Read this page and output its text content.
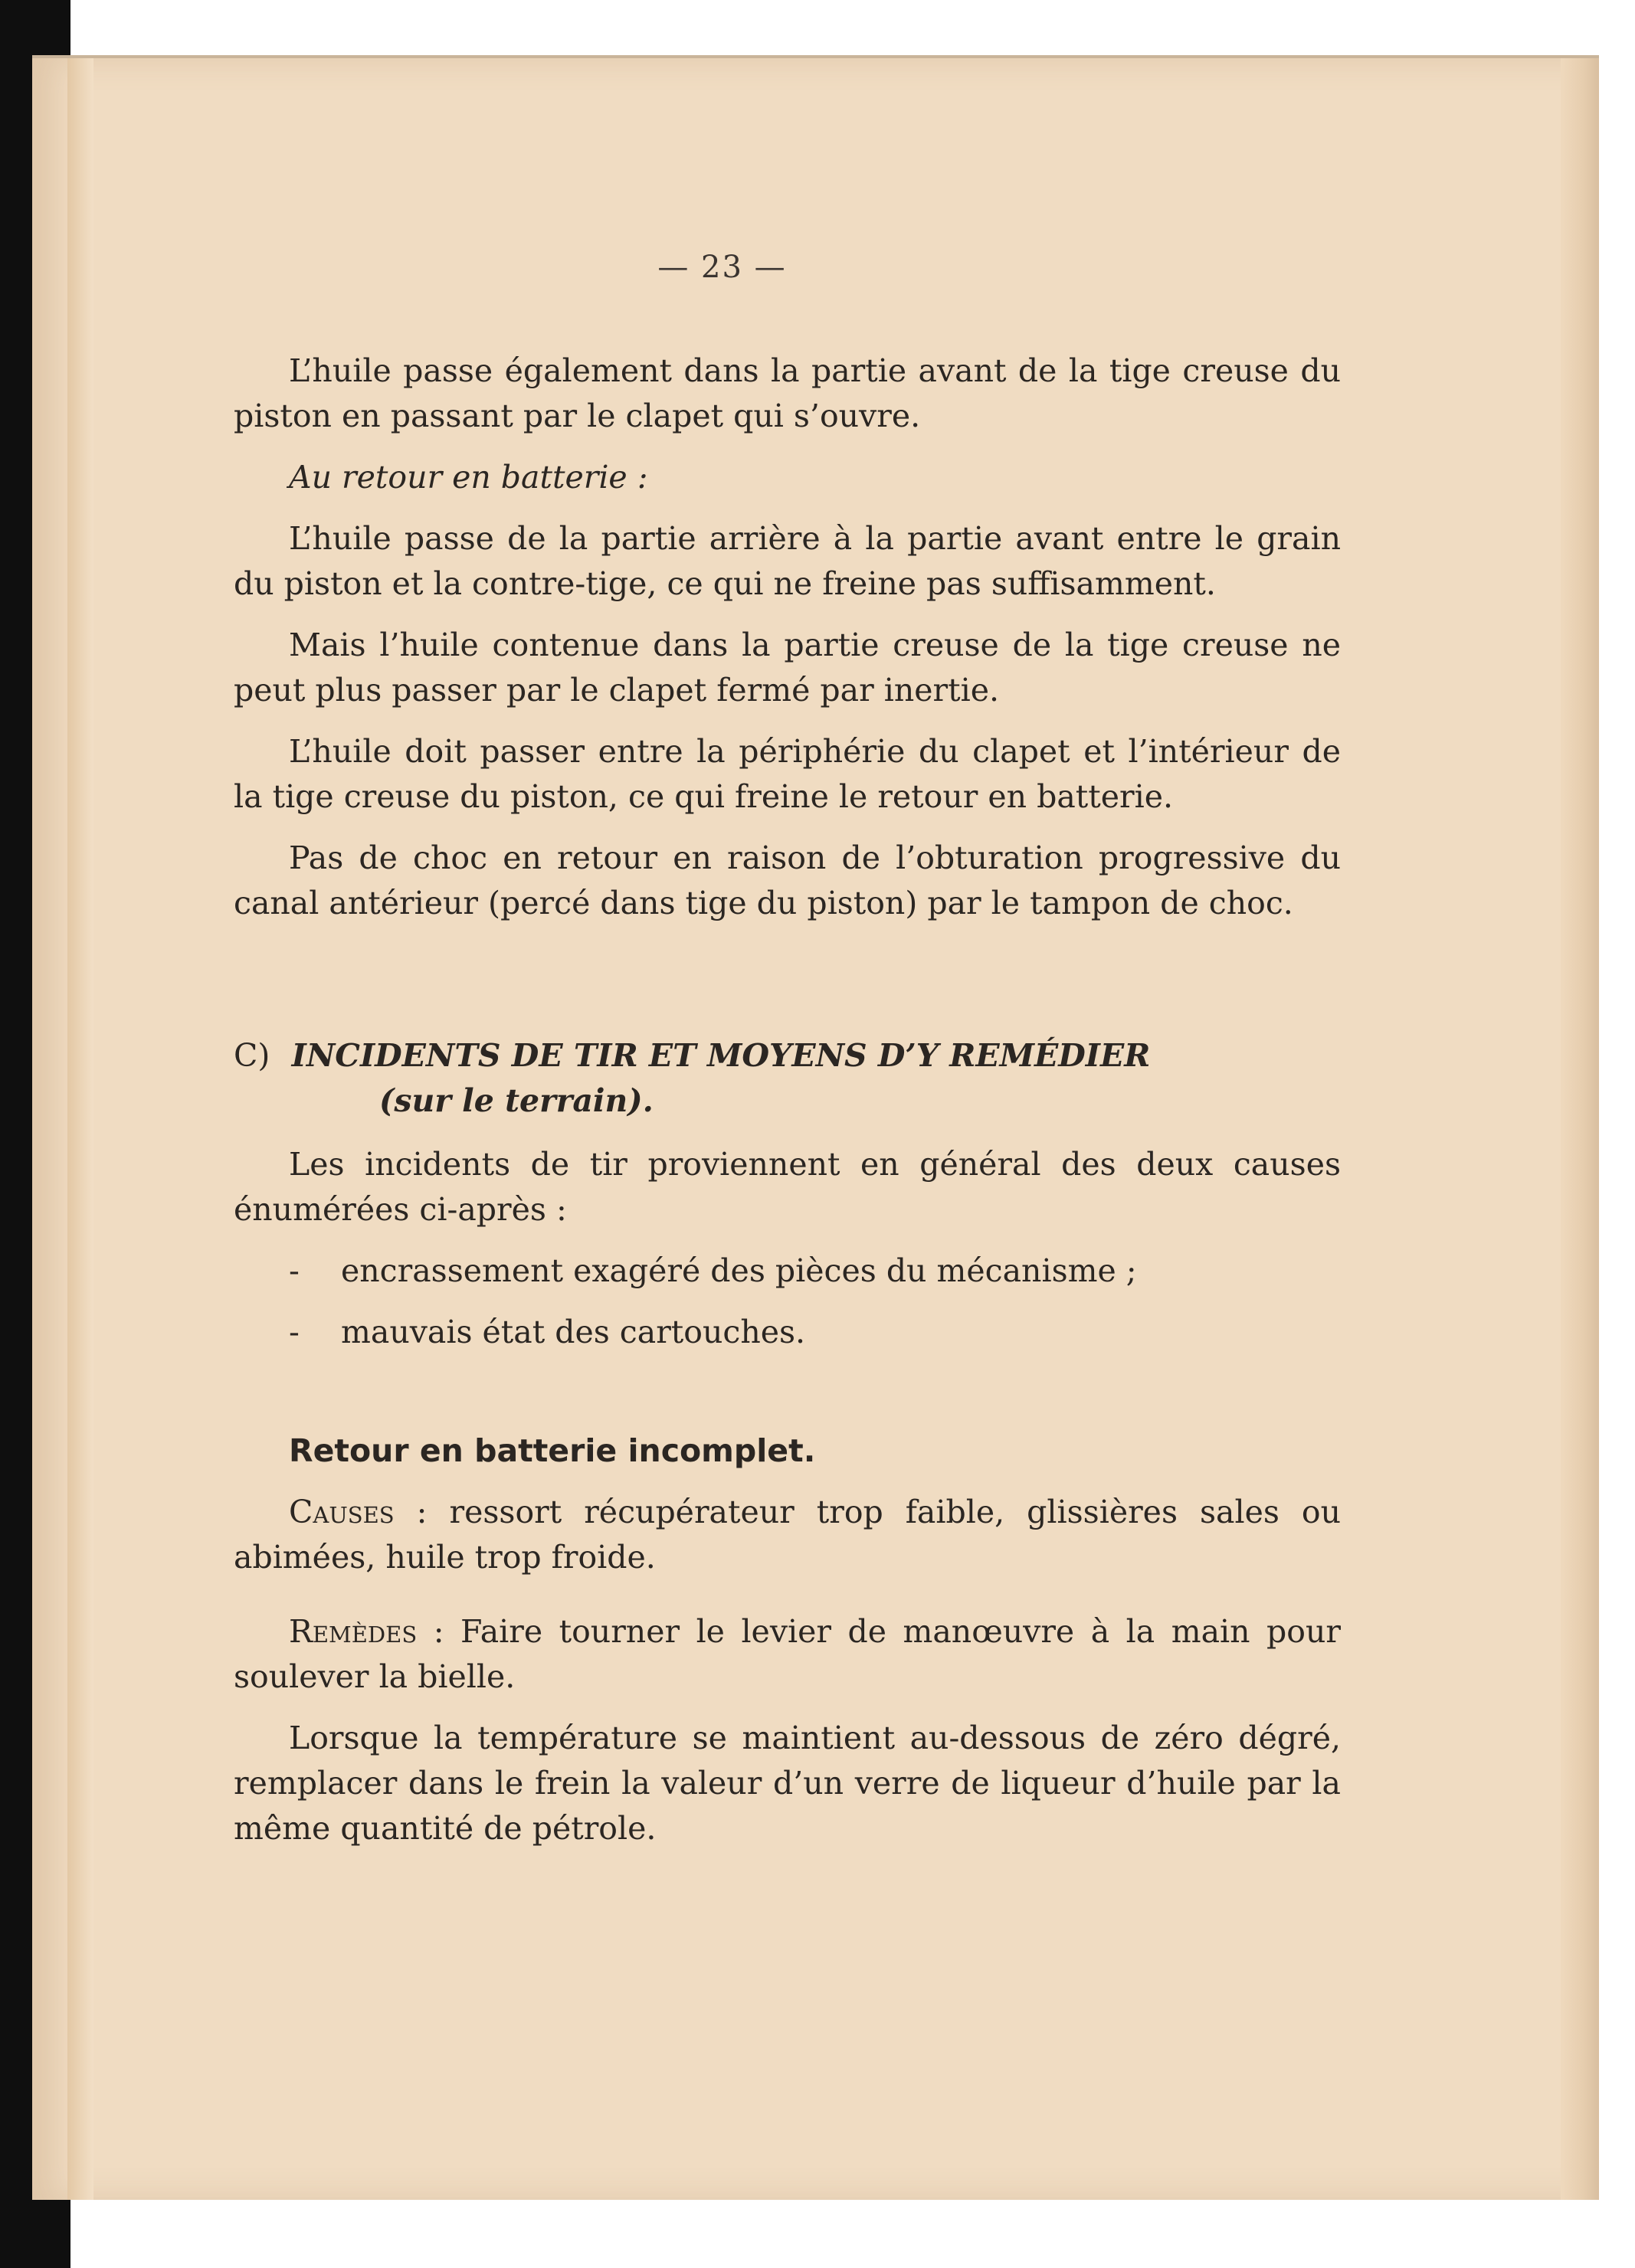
— 23 —

L’huile passe également dans la partie avant de la tige creuse du piston en passant par le clapet qui s’ouvre.

Au retour en batterie :

L’huile passe de la partie arrière à la partie avant entre le grain du piston et la contre-tige, ce qui ne freine pas suffisamment.

Mais l’huile contenue dans la partie creuse de la tige creuse ne peut plus passer par le clapet fermé par inertie.

L’huile doit passer entre la périphérie du clapet et l’intérieur de la tige creuse du piston, ce qui freine le retour en batterie.

Pas de choc en retour en raison de l’obturation progressive du canal antérieur (percé dans tige du piston) par le tampon de choc.

C) INCIDENTS DE TIR ET MOYENS D’Y REMÉDIER
(sur le terrain).

Les incidents de tir proviennent en général des deux causes énumérées ci-après :

-	encrassement exagéré des pièces du mécanisme ;
-	mauvais état des cartouches.

Retour en batterie incomplet.

Causes : ressort récupérateur trop faible, glissières sales ou abimées, huile trop froide.

Remèdes : Faire tourner le levier de manœuvre à la main pour soulever la bielle.

Lorsque la température se maintient au-dessous de zéro dégré, remplacer dans le frein la valeur d’un verre de liqueur d’huile par la même quantité de pétrole.
